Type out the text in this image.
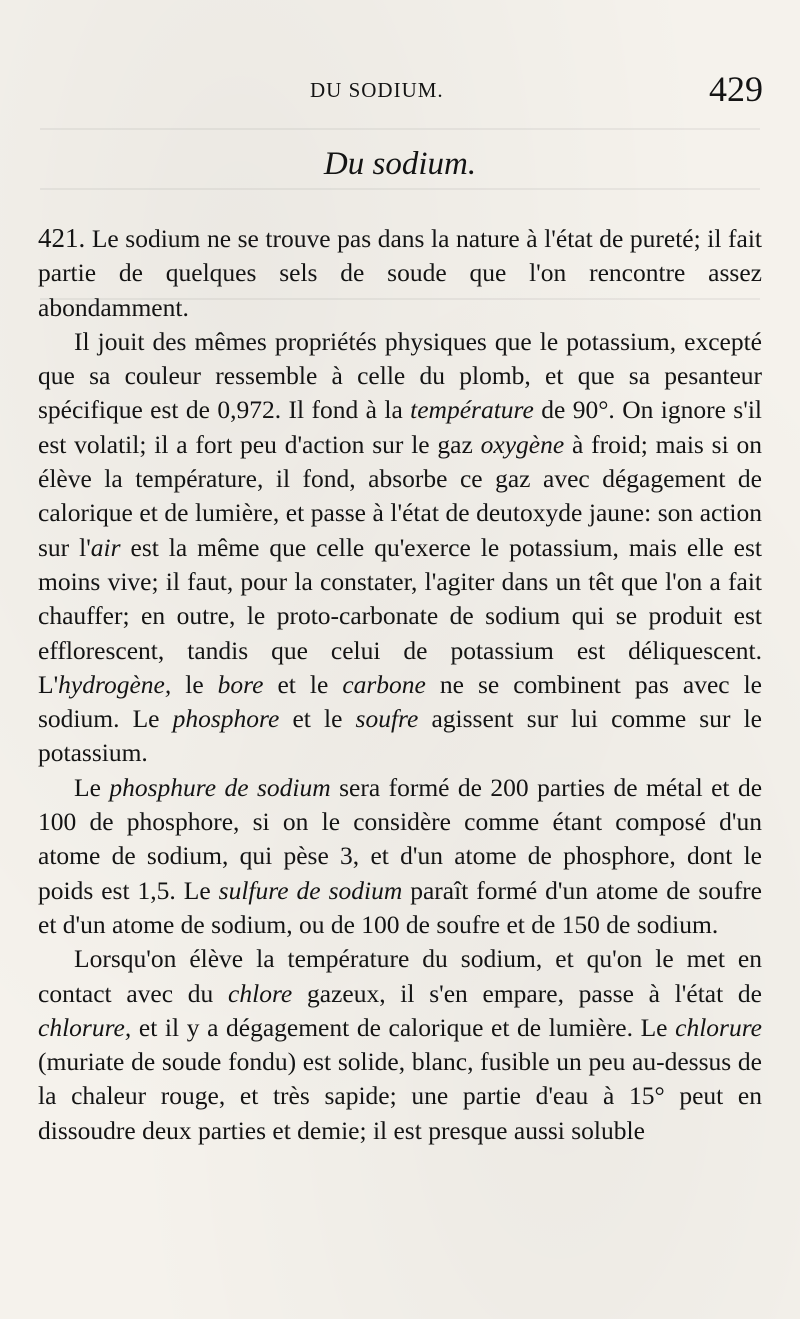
DU SODIUM.	429
Du sodium.

421. Le sodium ne se trouve pas dans la nature à l'état de pureté; il fait partie de quelques sels de soude que l'on rencontre assez abondamment.

Il jouit des mêmes propriétés physiques que le potassium, excepté que sa couleur ressemble à celle du plomb, et que sa pesanteur spécifique est de 0,972. Il fond à la température de 90°. On ignore s'il est volatil; il a fort peu d'action sur le gaz oxygène à froid; mais si on élève la température, il fond, absorbe ce gaz avec dégagement de calorique et de lumière, et passe à l'état de deutoxyde jaune: son action sur l'air est la même que celle qu'exerce le potassium, mais elle est moins vive; il faut, pour la constater, l'agiter dans un têt que l'on a fait chauffer; en outre, le proto-carbonate de sodium qui se produit est efflorescent, tandis que celui de potassium est déliquescent. L'hydrogène, le bore et le carbone ne se combinent pas avec le sodium. Le phosphore et le soufre agissent sur lui comme sur le potassium.

Le phosphure de sodium sera formé de 200 parties de métal et de 100 de phosphore, si on le considère comme étant composé d'un atome de sodium, qui pèse 3, et d'un atome de phosphore, dont le poids est 1,5. Le sulfure de sodium paraît formé d'un atome de soufre et d'un atome de sodium, ou de 100 de soufre et de 150 de sodium.

Lorsqu'on élève la température du sodium, et qu'on le met en contact avec du chlore gazeux, il s'en empare, passe à l'état de chlorure, et il y a dégagement de calorique et de lumière. Le chlorure (muriate de soude fondu) est solide, blanc, fusible un peu au-dessus de la chaleur rouge, et très sapide; une partie d'eau à 15° peut en dissoudre deux parties et demie; il est presque aussi soluble
